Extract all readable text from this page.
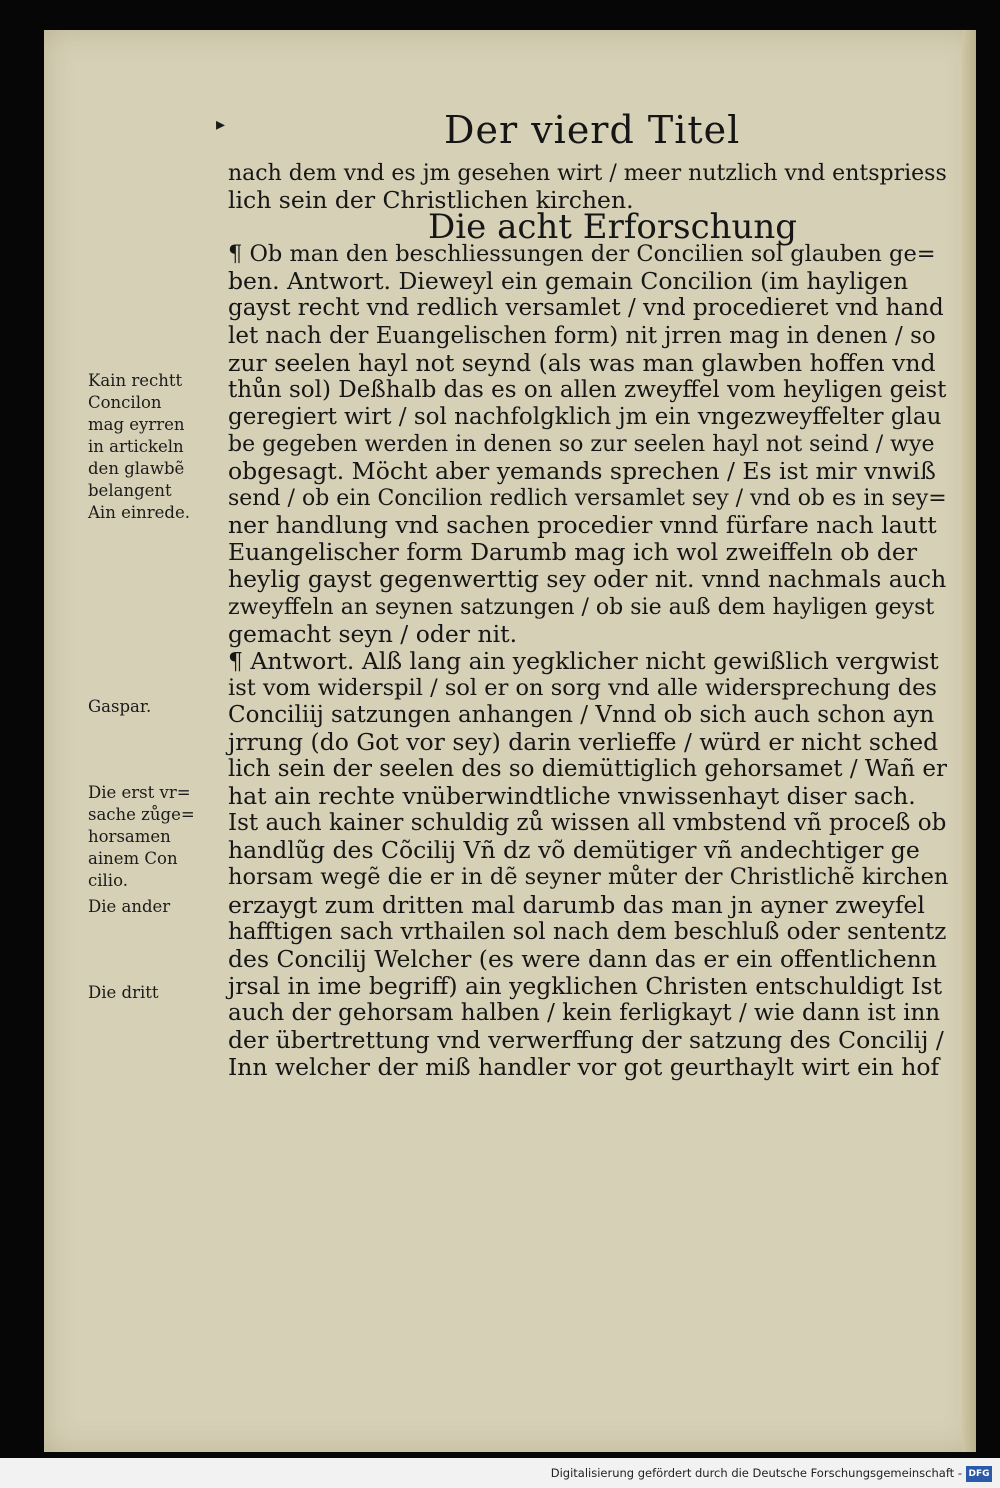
▸	Der vierd Titel
nach dem vnd es jm gesehen wirt / meer nutzlich vnd entspriess
lich sein der Christlichen kirchen.
Die acht Erforschung
¶ Ob man den beschliessungen der Concilien sol glauben ge=
ben. Antwort. Dieweyl ein gemain Concilion (im hayligen
gayst recht vnd redlich versamlet / vnd procedieret vnd hand
let nach der Euangelischen form) nit jrren mag in denen / so
zur seelen hayl not seynd (als was man glawben hoffen vnd
thůn sol) Deßhalb das es on allen zweyffel vom heyligen geist
geregiert wirt / sol nachfolgklich jm ein vngezweyffelter glau
be gegeben werden in denen so zur seelen hayl not seind / wye
obgesagt. Möcht aber yemands sprechen / Es ist mir vnwiß
send / ob ein Concilion redlich versamlet sey / vnd ob es in sey=
ner handlung vnd sachen procedier vnnd fürfare nach lautt
Euangelischer form Darumb mag ich wol zweiffeln ob der
heylig gayst gegenwerttig sey oder nit. vnnd nachmals auch
zweyffeln an seynen satzungen / ob sie auß dem hayligen geyst
gemacht seyn / oder nit.
¶ Antwort. Alß lang ain yegklicher nicht gewißlich vergwist
ist vom widerspil / sol er on sorg vnd alle widersprechung des
Conciliij satzungen anhangen / Vnnd ob sich auch schon ayn
jrrung (do Got vor sey) darin verlieffe / würd er nicht sched
lich sein der seelen des so diemüttiglich gehorsamet / Wañ er
hat ain rechte vnüberwindtliche vnwissenhayt diser sach.
Ist auch kainer schuldig zů wissen all vmbstend vñ proceß ob
handlũg des Cõcilij Vñ dz võ demütiger vñ andechtiger ge
horsam wegẽ die er in dẽ seyner můter der Christlichẽ kirchen
erzaygt zum dritten mal darumb das man jn ayner zweyfel
hafftigen sach vrthailen sol nach dem beschluß oder sententz
des Concilij Welcher (es were dann das er ein offentlichenn
jrsal in ime begriff) ain yegklichen Christen entschuldigt Ist
auch der gehorsam halben / kein ferligkayt / wie dann ist inn
der übertrettung vnd verwerffung der satzung des Concilij /
Inn welcher der miß handler vor got geurthaylt wirt ein hof
Kain rechtt
Concilon
mag eyrren
in artickeln
den glawbẽ
belangent
Ain einrede.
Gaspar.
Die erst vr=
sache zůge=
horsamen
ainem Con
cilio.
Die ander
Die dritt
Digitalisierung gefördert durch die Deutsche Forschungsgemeinschaft - DFG
